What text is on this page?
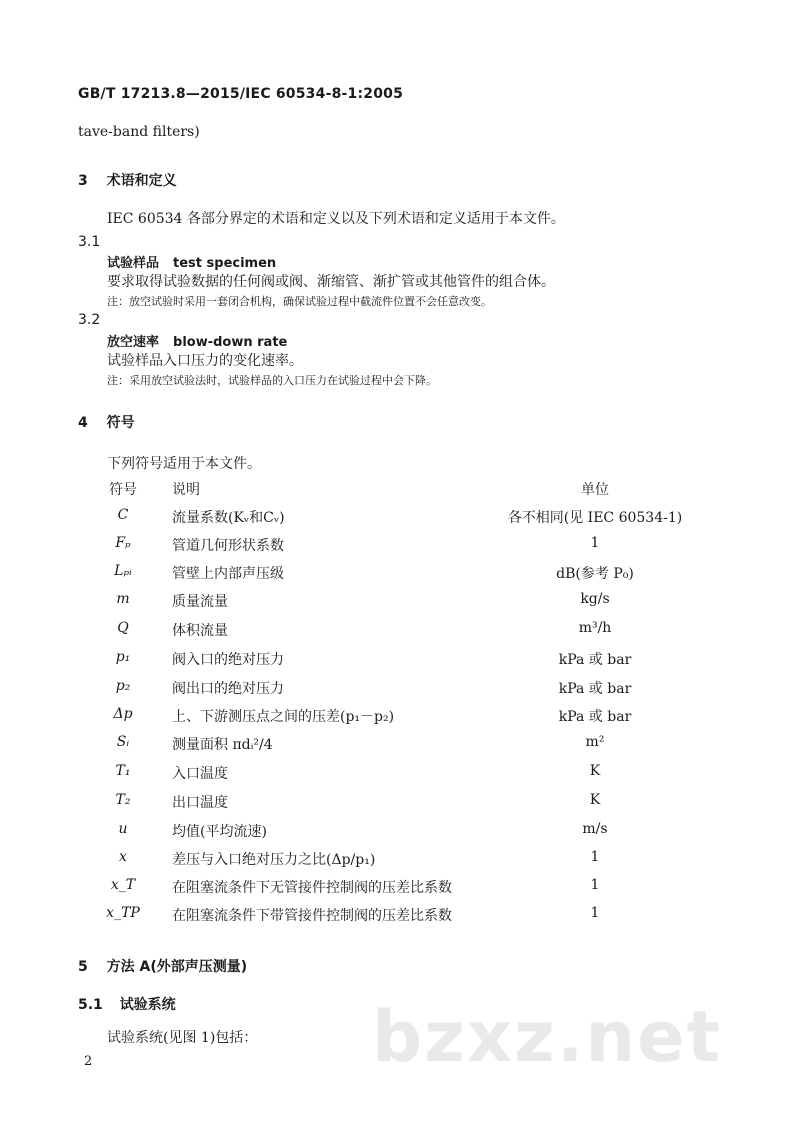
GB/T 17213.8—2015/IEC 60534-8-1:2005
tave-band filters)
3 术语和定义
IEC 60534 各部分界定的术语和定义以及下列术语和定义适用于本文件。
3.1
试验样品 test specimen
要求取得试验数据的任何阀或阀、渐缩管、渐扩管或其他管件的组合体。
注：放空试验时采用一套闭合机构，确保试验过程中截流件位置不会任意改变。
3.2
放空速率 blow-down rate
试验样品入口压力的变化速率。
注：采用放空试验法时，试验样品的入口压力在试验过程中会下降。
4 符号
下列符号适用于本文件。
符号	说明	单位
C	流量系数(Kᵥ和Cᵥ)	各不相同(见 IEC 60534-1)
Fₚ	管道几何形状系数	1
Lₚᵢ	管壁上内部声压级	dB(参考 P₀)
m	质量流量	kg/s
Q	体积流量	m³/h
p₁	阀入口的绝对压力	kPa 或 bar
p₂	阀出口的绝对压力	kPa 或 bar
Δp	上、下游测压点之间的压差(p₁－p₂)	kPa 或 bar
Sᵢ	测量面积 πdᵢ²/4	m²
T₁	入口温度	K
T₂	出口温度	K
u	均值(平均流速)	m/s
x	差压与入口绝对压力之比(Δp/p₁)	1
x_T	在阻塞流条件下无管接件控制阀的压差比系数	1
x_TP 在阻塞流条件下带管接件控制阀的压差比系数	1
5 方法 A(外部声压测量)
5.1 试验系统
试验系统(见图 1)包括： bzxz.net
2
